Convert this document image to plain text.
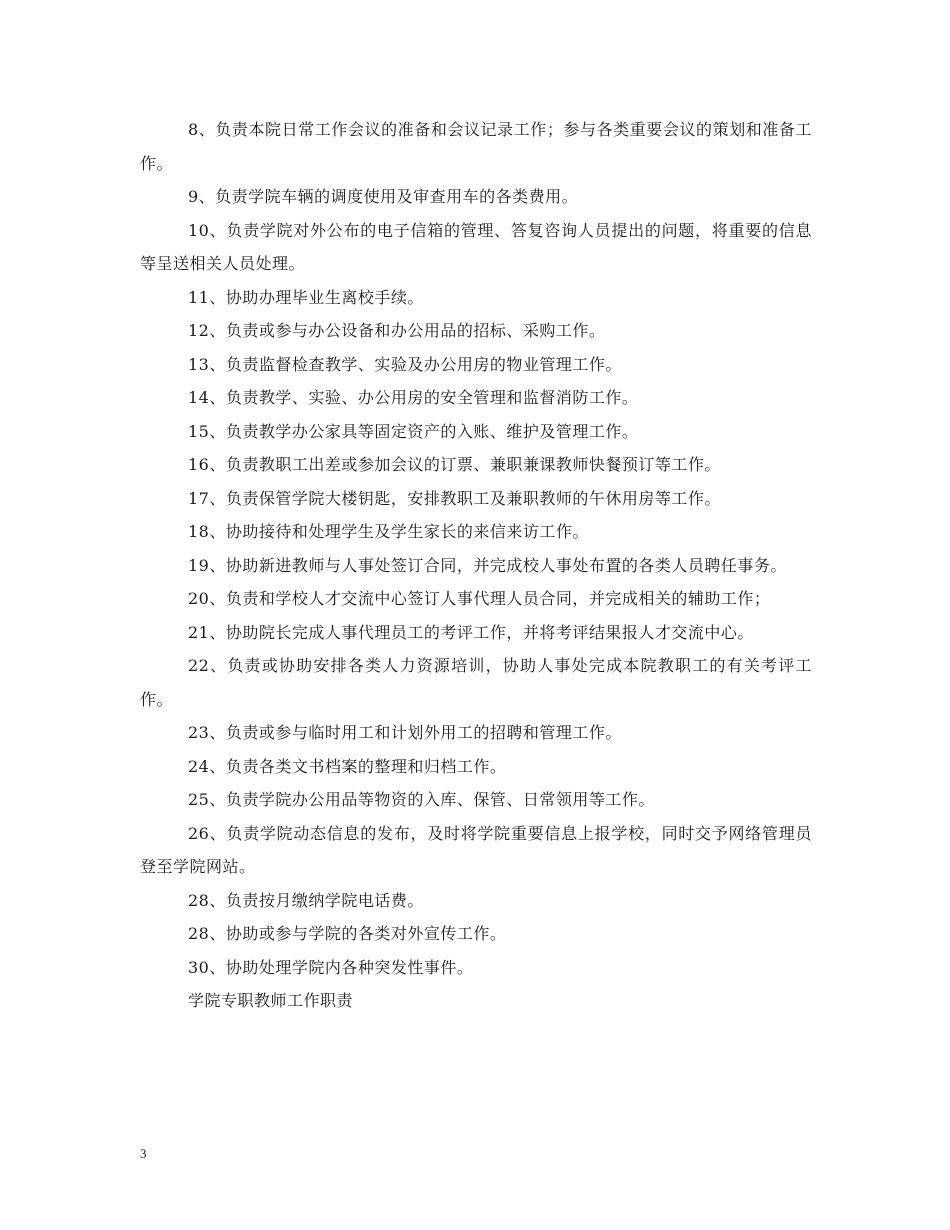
8、负责本院日常工作会议的准备和会议记录工作；参与各类重要会议的策划和准备工作。

9、负责学院车辆的调度使用及审查用车的各类费用。

10、负责学院对外公布的电子信箱的管理、答复咨询人员提出的问题，将重要的信息等呈送相关人员处理。

11、协助办理毕业生离校手续。

12、负责或参与办公设备和办公用品的招标、采购工作。

13、负责监督检查教学、实验及办公用房的物业管理工作。

14、负责教学、实验、办公用房的安全管理和监督消防工作。

15、负责教学办公家具等固定资产的入账、维护及管理工作。

16、负责教职工出差或参加会议的订票、兼职兼课教师快餐预订等工作。

17、负责保管学院大楼钥匙，安排教职工及兼职教师的午休用房等工作。

18、协助接待和处理学生及学生家长的来信来访工作。

19、协助新进教师与人事处签订合同，并完成校人事处布置的各类人员聘任事务。

20、负责和学校人才交流中心签订人事代理人员合同，并完成相关的辅助工作；

21、协助院长完成人事代理员工的考评工作，并将考评结果报人才交流中心。

22、负责或协助安排各类人力资源培训，协助人事处完成本院教职工的有关考评工作。

23、负责或参与临时用工和计划外用工的招聘和管理工作。

24、负责各类文书档案的整理和归档工作。

25、负责学院办公用品等物资的入库、保管、日常领用等工作。

26、负责学院动态信息的发布，及时将学院重要信息上报学校，同时交予网络管理员登至学院网站。

28、负责按月缴纳学院电话费。

28、协助或参与学院的各类对外宣传工作。

30、协助处理学院内各种突发性事件。

学院专职教师工作职责

3
